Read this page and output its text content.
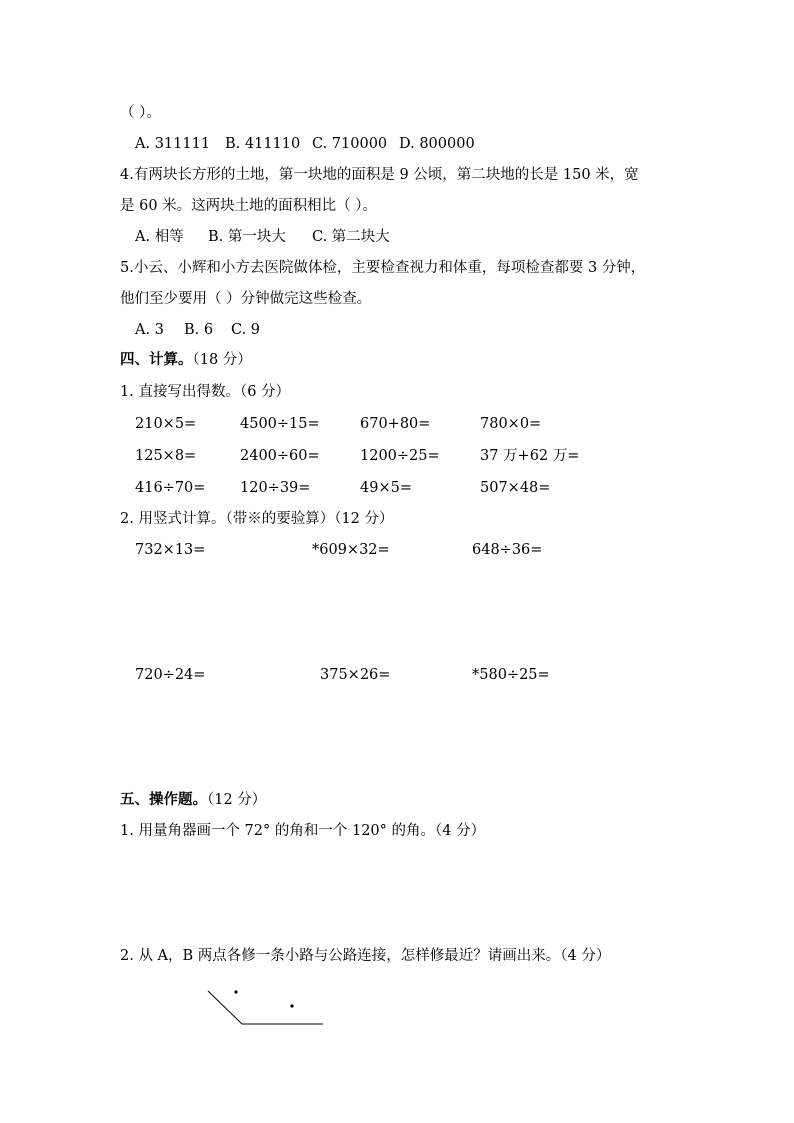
（ ）。
A. 311111 B. 411110 C. 710000 D. 800000
4.有两块长方形的土地，第一块地的面积是 9 公顷，第二块地的长是 150 米，宽
是 60 米。这两块土地的面积相比（ ）。
A. 相等 B. 第一块大 C. 第二块大
5.小云、小辉和小方去医院做体检，主要检查视力和体重，每项检查都要 3 分钟，
他们至少要用（ ）分钟做完这些检查。
A. 3 B. 6 C. 9
四、计算。（18 分）
1. 直接写出得数。（6 分）
210×5=	4500÷15=	670+80=	780×0=
125×8=	2400÷60=	1200÷25=	37 万+62 万=
416÷70= 120÷39=	49×5=	507×48=
2. 用竖式计算。（带※的要验算）（12 分）
732×13=	*609×32=	648÷36=
720÷24=	375×26=	*580÷25=
五、操作题。（12 分）
1. 用量角器画一个 72° 的角和一个 120° 的角。（4 分）
2. 从 A，B 两点各修一条小路与公路连接，怎样修最近？请画出来。（4 分）
